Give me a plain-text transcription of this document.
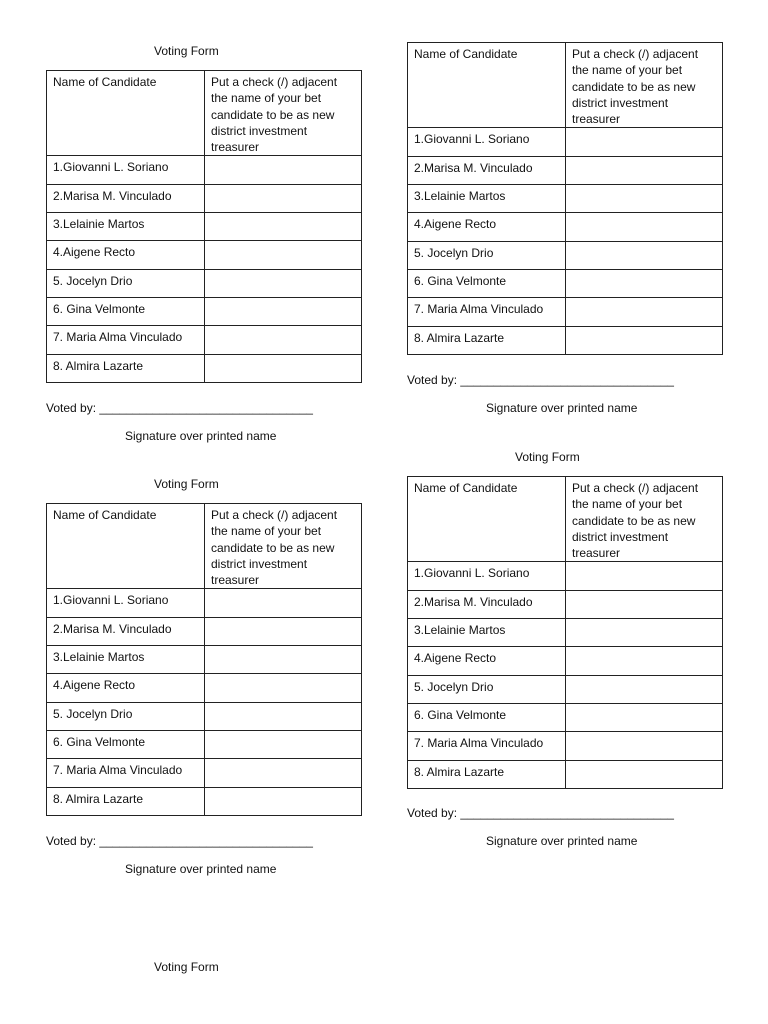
Voting Form
Name of Candidate	Put a check (/) adjacent the name of your bet candidate to be as new district investment treasurer
1.Giovanni L. Soriano	
2.Marisa M. Vinculado	
3.Lelainie Martos	
4.Aigene Recto	
5. Jocelyn Drio	
6. Gina Velmonte	
7. Maria Alma Vinculado	
8. Almira Lazarte	
Voted by: ________________________________
Signature over printed name
Name of Candidate	Put a check (/) adjacent the name of your bet candidate to be as new district investment treasurer
1.Giovanni L. Soriano	
2.Marisa M. Vinculado	
3.Lelainie Martos	
4.Aigene Recto	
5. Jocelyn Drio	
6. Gina Velmonte	
7. Maria Alma Vinculado	
8. Almira Lazarte	
Voted by: ________________________________
Signature over printed name
Voting Form
Name of Candidate	Put a check (/) adjacent the name of your bet candidate to be as new district investment treasurer
1.Giovanni L. Soriano	
2.Marisa M. Vinculado	
3.Lelainie Martos	
4.Aigene Recto	
5. Jocelyn Drio	
6. Gina Velmonte	
7. Maria Alma Vinculado	
8. Almira Lazarte	
Voted by: ________________________________
Signature over printed name
Voting Form
Name of Candidate	Put a check (/) adjacent the name of your bet candidate to be as new district investment treasurer
1.Giovanni L. Soriano	
2.Marisa M. Vinculado	
3.Lelainie Martos	
4.Aigene Recto	
5. Jocelyn Drio	
6. Gina Velmonte	
7. Maria Alma Vinculado	
8. Almira Lazarte	
Voted by: ________________________________
Signature over printed name
Voting Form
